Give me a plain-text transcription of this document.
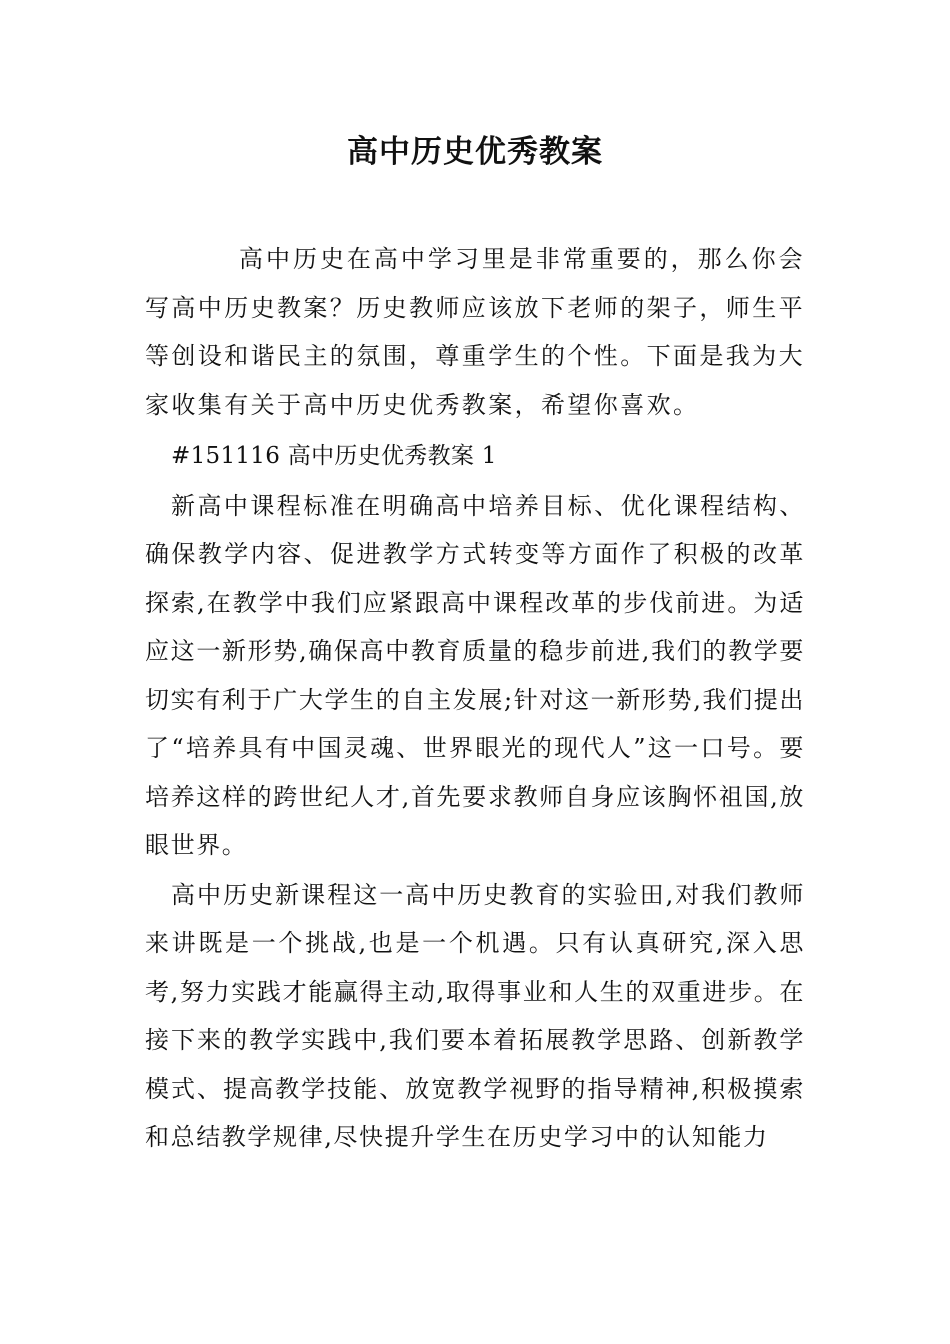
高中历史优秀教案

高中历史在高中学习里是非常重要的，那么你会写高中历史教案？历史教师应该放下老师的架子，师生平等创设和谐民主的氛围，尊重学生的个性。下面是我为大家收集有关于高中历史优秀教案，希望你喜欢。

#151116 高中历史优秀教案 1

新高中课程标准在明确高中培养目标、优化课程结构、确保教学内容、促进教学方式转变等方面作了积极的改革探索,在教学中我们应紧跟高中课程改革的步伐前进。为适应这一新形势,确保高中教育质量的稳步前进,我们的教学要切实有利于广大学生的自主发展;针对这一新形势,我们提出了“培养具有中国灵魂、世界眼光的现代人”这一口号。要培养这样的跨世纪人才,首先要求教师自身应该胸怀祖国,放眼世界。

高中历史新课程这一高中历史教育的实验田,对我们教师来讲既是一个挑战,也是一个机遇。只有认真研究,深入思考,努力实践才能赢得主动,取得事业和人生的双重进步。在接下来的教学实践中,我们要本着拓展教学思路、创新教学模式、提高教学技能、放宽教学视野的指导精神,积极摸索和总结教学规律,尽快提升学生在历史学习中的认知能力
